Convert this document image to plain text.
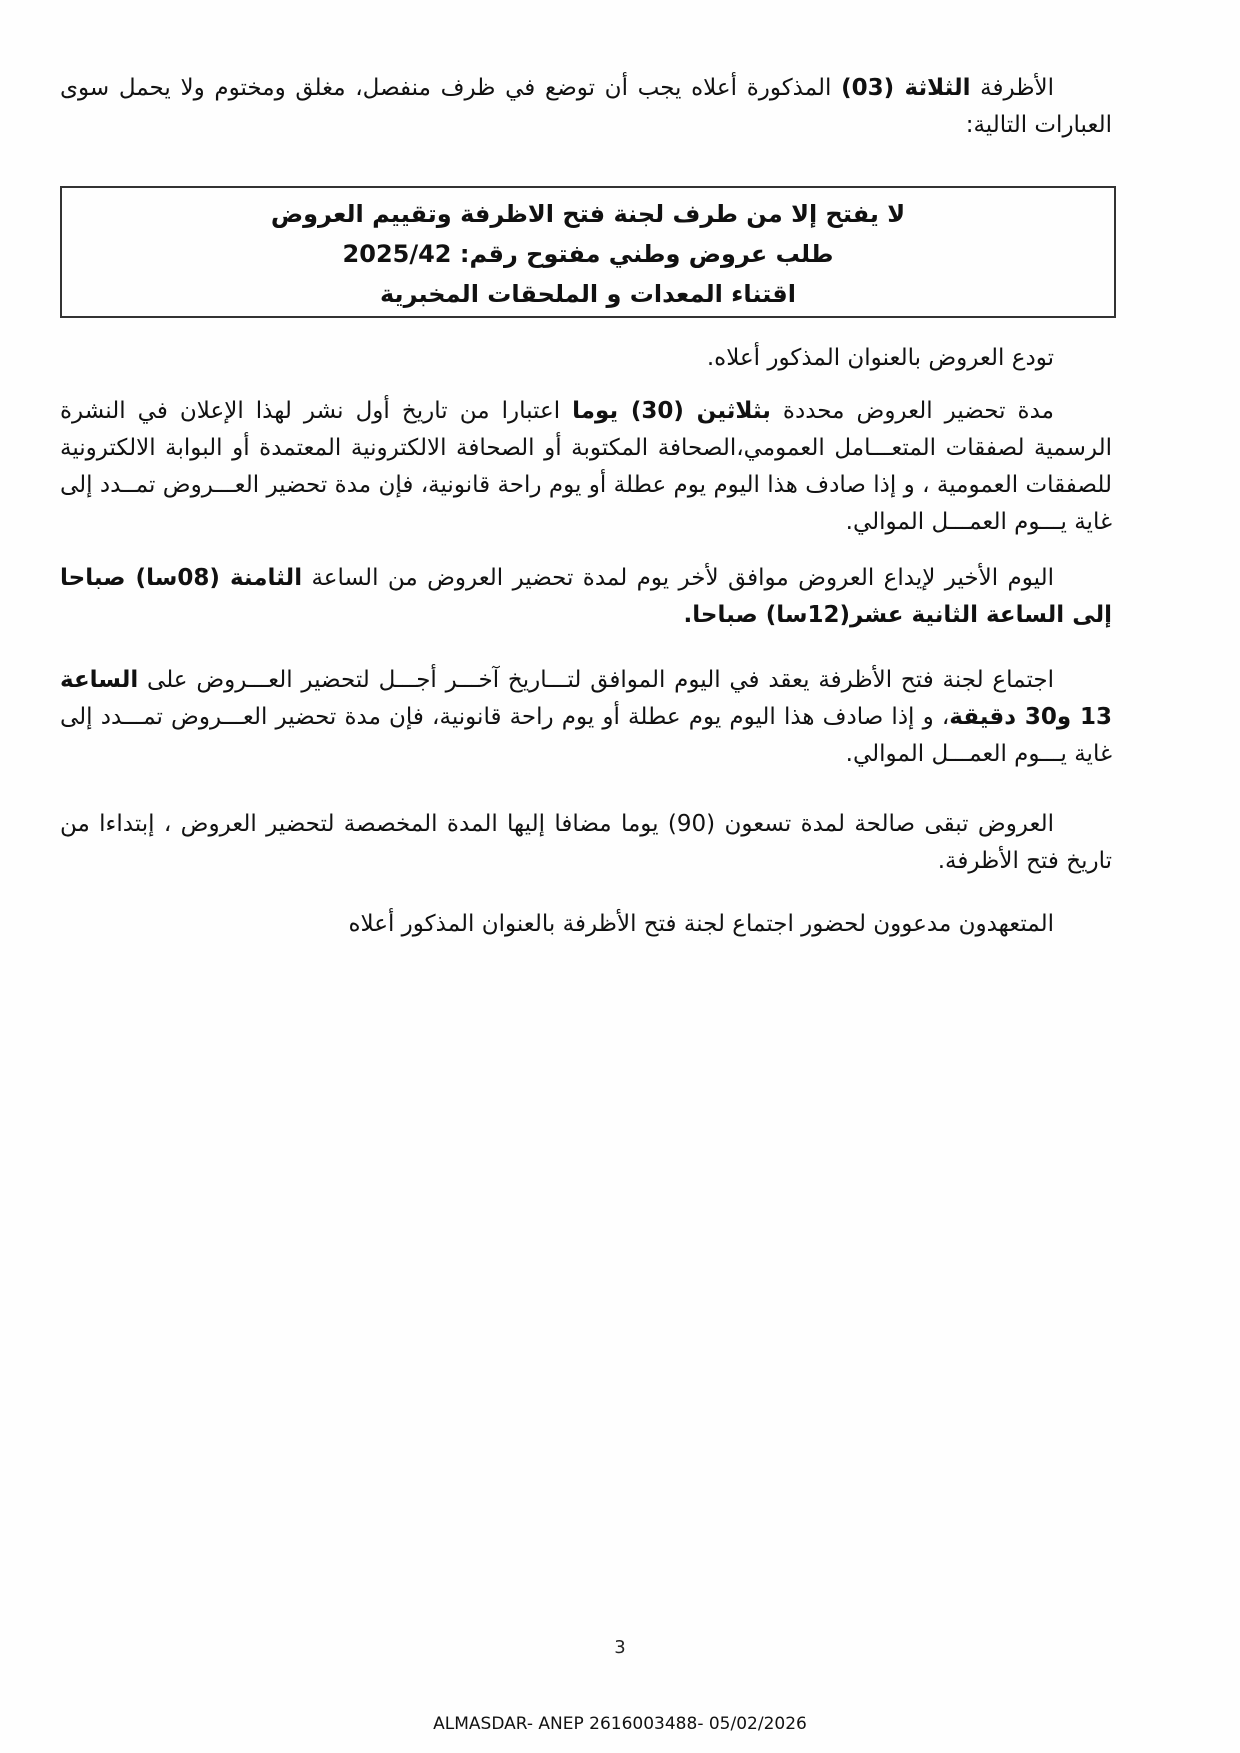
الأظرفة الثلاثة (03) المذكورة أعلاه يجب أن توضع في ظرف منفصل، مغلق ومختوم ولا يحمل سوى العبارات التالية:

لا يفتح إلا من طرف لجنة فتح الاظرفة وتقييم العروض
طلب عروض وطني مفتوح رقم: 2025/42
اقتناء المعدات و الملحقات المخبرية

تودع العروض بالعنوان المذكور أعلاه.

مدة تحضير العروض محددة بثلاثين (30) يوما اعتبارا من تاريخ أول نشر لهذا الإعلان في النشرة الرسمية لصفقات المتعـــامل العمومي،الصحافة المكتوبة أو الصحافة الالكترونية المعتمدة أو البوابة الالكترونية للصفقات العمومية ، و إذا صادف هذا اليوم يوم عطلة أو يوم راحة قانونية، فإن مدة تحضير العـــروض تمــدد إلى غاية يـــوم العمـــل الموالي.

اليوم الأخير لإيداع العروض موافق لأخر يوم لمدة تحضير العروض من الساعة الثامنة (08سا) صباحا إلى الساعة الثانية عشر(12سا) صباحا.

اجتماع لجنة فتح الأظرفة يعقد في اليوم الموافق لتـــاريخ آخـــر أجـــل لتحضير العـــروض على الساعة 13 و30 دقيقة، و إذا صادف هذا اليوم يوم عطلة أو يوم راحة قانونية، فإن مدة تحضير العـــروض تمـــدد إلى غاية يـــوم العمـــل الموالي.

العروض تبقى صالحة لمدة تسعون (90) يوما مضافا إليها المدة المخصصة لتحضير العروض ، إبتداءا من تاريخ فتح الأظرفة.

المتعهدون مدعوون لحضور اجتماع لجنة فتح الأظرفة بالعنوان المذكور أعلاه

3
ALMASDAR- ANEP 2616003488- 05/02/2026
